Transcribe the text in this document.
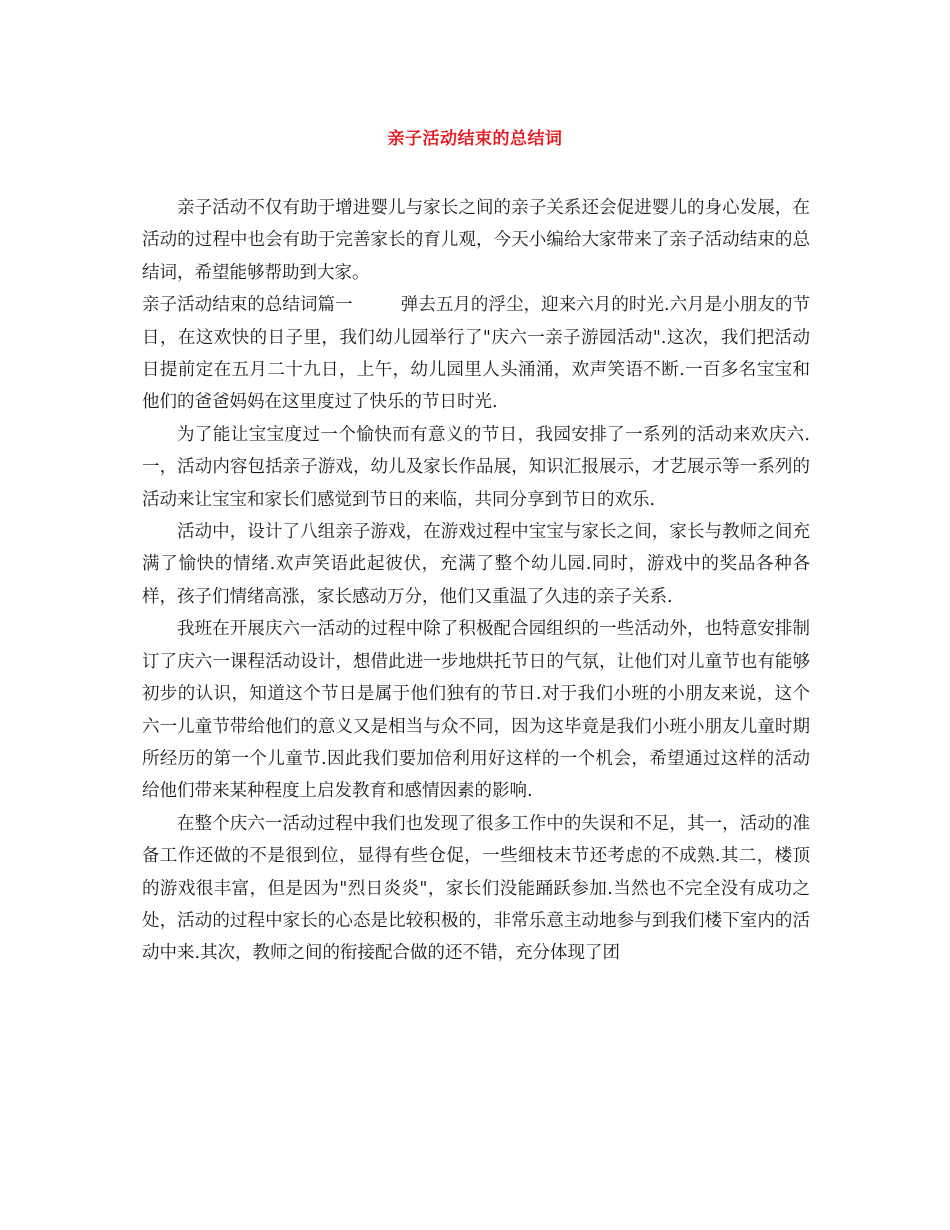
亲子活动结束的总结词

亲子活动不仅有助于增进婴儿与家长之间的亲子关系还会促进婴儿的身心发展，在活动的过程中也会有助于完善家长的育儿观，今天小编给大家带来了亲子活动结束的总结词，希望能够帮助到大家。

亲子活动结束的总结词篇一	弹去五月的浮尘，迎来六月的时光.六月是小朋友的节日，在这欢快的日子里，我们幼儿园举行了"庆六一亲子游园活动".这次，我们把活动日提前定在五月二十九日，上午，幼儿园里人头涌涌，欢声笑语不断.一百多名宝宝和他们的爸爸妈妈在这里度过了快乐的节日时光.

为了能让宝宝度过一个愉快而有意义的节日，我园安排了一系列的活动来欢庆六.一，活动内容包括亲子游戏，幼儿及家长作品展，知识汇报展示，才艺展示等一系列的活动来让宝宝和家长们感觉到节日的来临，共同分享到节日的欢乐.

活动中，设计了八组亲子游戏，在游戏过程中宝宝与家长之间，家长与教师之间充满了愉快的情绪.欢声笑语此起彼伏，充满了整个幼儿园.同时，游戏中的奖品各种各样，孩子们情绪高涨，家长感动万分，他们又重温了久违的亲子关系.

我班在开展庆六一活动的过程中除了积极配合园组织的一些活动外，也特意安排制订了庆六一课程活动设计，想借此进一步地烘托节日的气氛，让他们对儿童节也有能够初步的认识，知道这个节日是属于他们独有的节日.对于我们小班的小朋友来说，这个六一儿童节带给他们的意义又是相当与众不同，因为这毕竟是我们小班小朋友儿童时期所经历的第一个儿童节.因此我们要加倍利用好这样的一个机会，希望通过这样的活动给他们带来某种程度上启发教育和感情因素的影响.

在整个庆六一活动过程中我们也发现了很多工作中的失误和不足，其一，活动的准备工作还做的不是很到位，显得有些仓促，一些细枝末节还考虑的不成熟.其二，楼顶的游戏很丰富，但是因为"烈日炎炎"，家长们没能踊跃参加.当然也不完全没有成功之处，活动的过程中家长的心态是比较积极的，非常乐意主动地参与到我们楼下室内的活动中来.其次，教师之间的衔接配合做的还不错，充分体现了团
